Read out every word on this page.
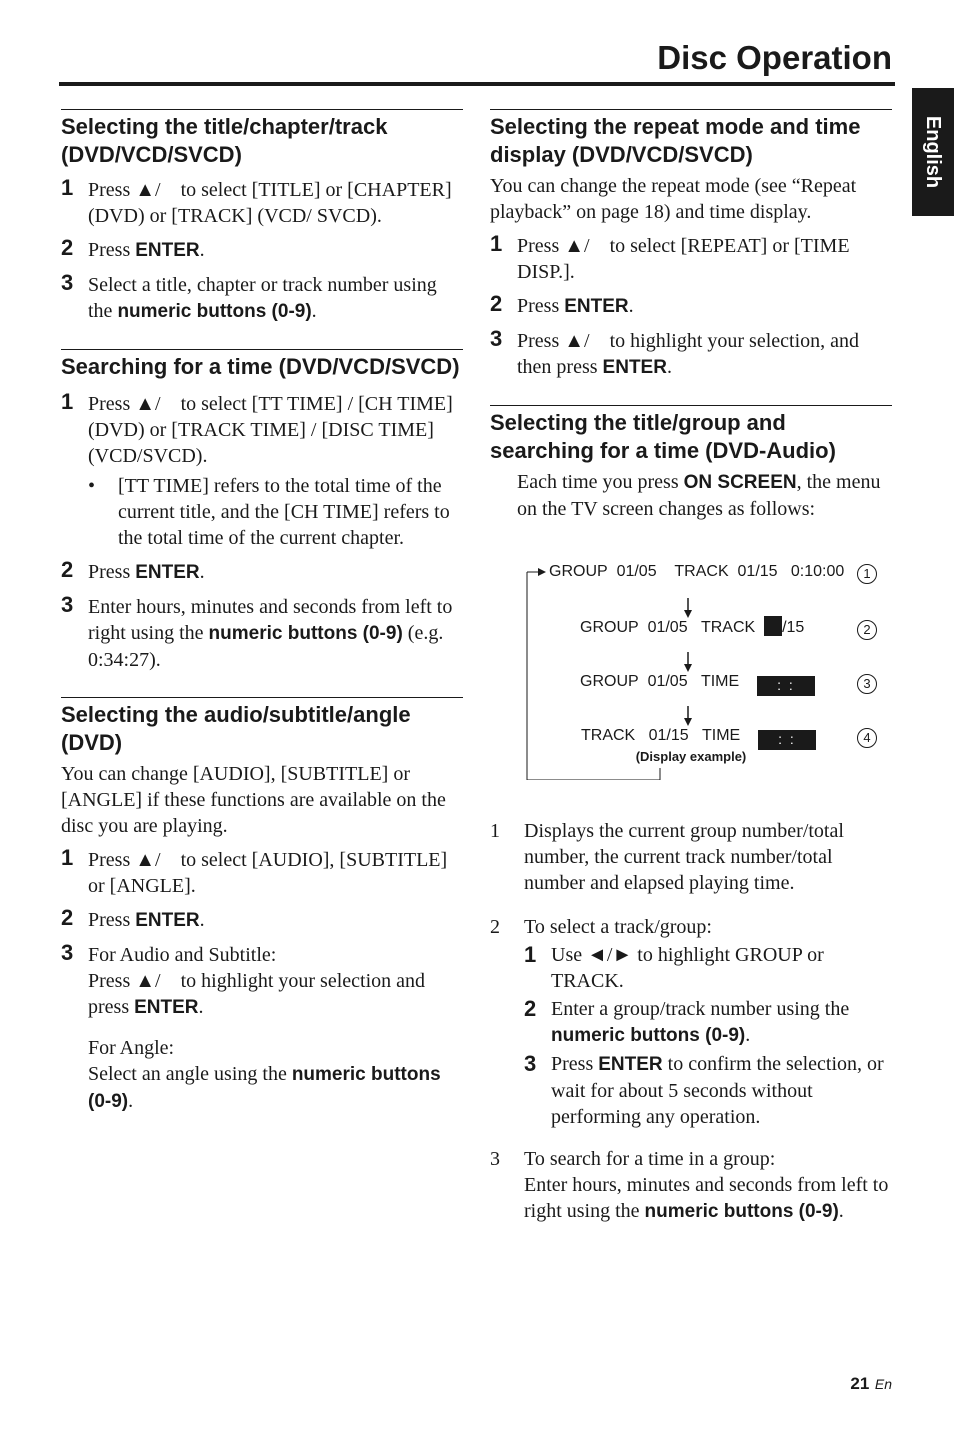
Disc Operation
English
Selecting the title/chapter/track (DVD/VCD/SVCD)
1 Press ▲/ to select [TITLE] or [CHAPTER] (DVD) or [TRACK] (VCD/ SVCD).

2 Press ENTER.

3 Select a title, chapter or track number using the numeric buttons (0-9).

Searching for a time (DVD/VCD/SVCD)
1 Press ▲/ to select [TT TIME] / [CH TIME] (DVD) or [TRACK TIME] / [DISC TIME] (VCD/SVCD).

• [TT TIME] refers to the total time of the current title, and the [CH TIME] refers to the total time of the current chapter.
2 Press ENTER.

3 Enter hours, minutes and seconds from left to right using the numeric buttons (0-9) (e.g. 0:34:27).

Selecting the audio/subtitle/angle (DVD)

You can change [AUDIO], [SUBTITLE] or [ANGLE] if these functions are available on the disc you are playing.

1 Press ▲/ to select [AUDIO], [SUBTITLE] or [ANGLE].

2 Press ENTER.

3 For Audio and Subtitle:

Press ▲/ to highlight your selection and press ENTER.

For Angle:

Select an angle using the numeric buttons (0-9).

Selecting the repeat mode and time display (DVD/VCD/SVCD)

You can change the repeat mode (see “Repeat playback” on page 18) and time display.

1 Press ▲/ to select [REPEAT] or [TIME DISP.].

2 Press ENTER.

3 Press ▲/ to highlight your selection, and then press ENTER.

Selecting the title/group and searching for a time (DVD-Audio)

Each time you press ON SCREEN, the menu on the TV screen changes as follows:

GROUP 01/05 TRACK 01/15 0:10:00	1
GROUP 01/05 TRACK /15	2
GROUP 01/05 TIME	: :	3
TRACK 01/15 TIME	: :	4
(Display example)
1 Displays the current group number/total number, the current track number/total number and elapsed playing time.

2 To select a track/group:

1 Use ◄/► to highlight GROUP or TRACK.

2 Enter a group/track number using the numeric buttons (0-9).

3 Press ENTER to confirm the selection, or wait for about 5 seconds without performing any operation.

3 To search for a time in a group:

Enter hours, minutes and seconds from left to right using the numeric buttons (0-9).

21 En
